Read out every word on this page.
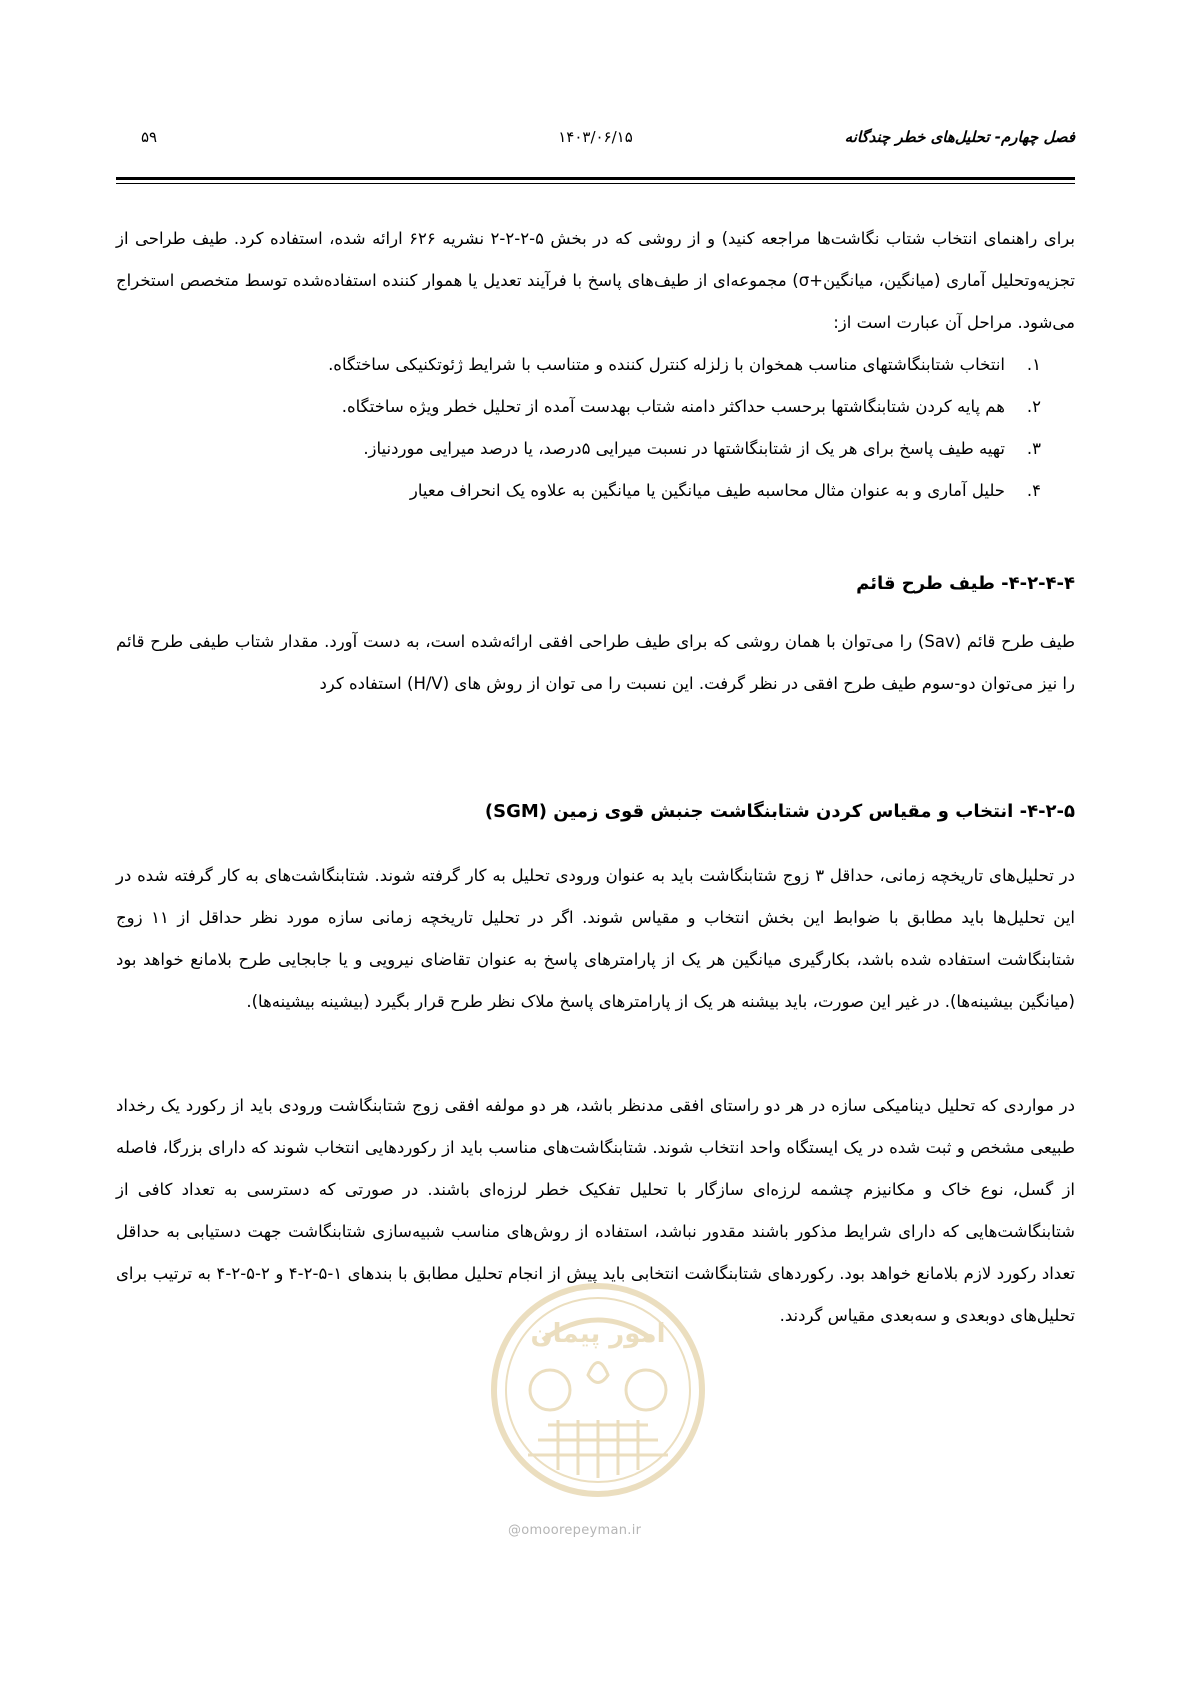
فصل چهارم- تحلیل‌های خطر چندگانه
۱۴۰۳/۰۶/۱۵
۵۹

برای راهنمای انتخاب شتاب نگاشت‌ها مراجعه کنید) و از روشی که در بخش ۵-۲-۲-۲ نشریه ۶۲۶ ارائه شده، استفاده کرد. طیف طراحی از تجزیه‌وتحلیل آماری (میانگین، میانگین+σ) مجموعه‌ای از طیف‌های پاسخ با فرآیند تعدیل یا هموار کننده استفاده‌شده توسط متخصص استخراج می‌شود. مراحل آن عبارت است از:

۱.
انتخاب شتابنگاشتهای مناسب همخوان با زلزله کنترل کننده و متناسب با شرایط ژئوتکنیکی ساختگاه.
۲.
هم پایه کردن شتابنگاشتها برحسب حداکثر دامنه شتاب بهدست آمده از تحلیل خطر ویژه ساختگاه.
۳.
تهیه طیف پاسخ برای هر یک از شتابنگاشتها در نسبت میرایی ۵درصد، یا درصد میرایی موردنیاز.
۴.
حلیل آماری و به عنوان مثال محاسبه طیف میانگین یا میانگین به علاوه یک انحراف معیار
۴-۲-۴-۴- طیف طرح قائم

طیف طرح قائم (Sav) را می‌توان با همان روشی که برای طیف طراحی افقی ارائه‌شده است، به دست آورد. مقدار شتاب طیفی طرح قائم را نیز می‌توان دو-سوم طیف طرح افقی در نظر گرفت. این نسبت را می توان از روش های (H/V) استفاده کرد

۴-۲-۵- انتخاب و مقیاس کردن شتابنگاشت جنبش قوی زمین (SGM)

در تحلیل‌های تاریخچه زمانی، حداقل ۳ زوج شتابنگاشت باید به عنوان ورودی تحلیل به کار گرفته شوند. شتابنگاشت‌های به کار گرفته شده در این تحلیل‌ها باید مطابق با ضوابط این بخش انتخاب و مقیاس شوند. اگر در تحلیل تاریخچه زمانی سازه مورد نظر حداقل از ۱۱ زوج شتابنگاشت استفاده شده باشد، بکارگیری میانگین هر یک از پارامترهای پاسخ به عنوان تقاضای نیرویی و یا جابجایی طرح بلامانع خواهد بود (میانگین بیشینه‌ها). در غیر این صورت، باید بیشنه هر یک از پارامترهای پاسخ ملاک نظر طرح قرار بگیرد (بیشینه بیشینه‌ها).

در مواردی که تحلیل دینامیکی سازه در هر دو راستای افقی مدنظر باشد، هر دو مولفه افقی زوج شتابنگاشت ورودی باید از رکورد یک رخداد طبیعی مشخص و ثبت شده در یک ایستگاه واحد انتخاب شوند. شتابنگاشت‌های مناسب باید از رکوردهایی انتخاب شوند که دارای بزرگا، فاصله از گسل، نوع خاک و مکانیزم چشمه لرزه‌ای سازگار با تحلیل تفکیک خطر لرزه‌ای باشند. در صورتی که دسترسی به تعداد کافی از شتابنگاشت‌هایی که دارای شرایط مذکور باشند مقدور نباشد، استفاده از روش‌های مناسب شبیه‌سازی شتابنگاشت جهت دستیابی به حداقل تعداد رکورد لازم بلامانع خواهد بود. رکوردهای شتابنگاشت انتخابی باید پیش از انجام تحلیل مطابق با بندهای ۱-۵-۲-۴ و ۲-۵-۲-۴ به ترتیب برای تحلیل‌های دوبعدی و سه‌بعدی مقیاس گردند.

امور پیمان
@omoorepeyman.ir
